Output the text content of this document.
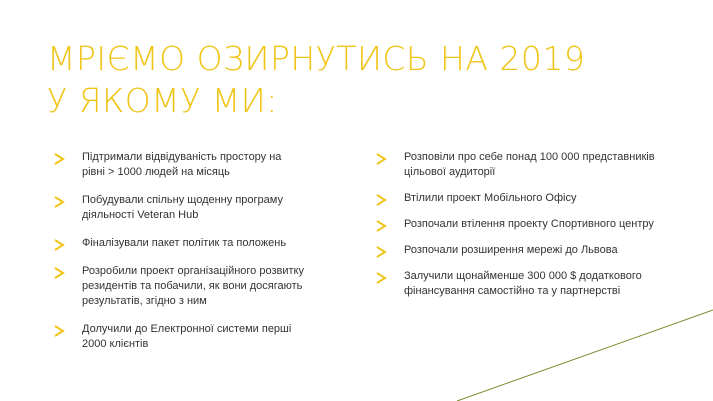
МРІЄМО ОЗИРНУТИСЬ НА 2019
У ЯКОМУ МИ:
Підтримали відвідуваність простору на рівні > 1000 людей на місяць
Побудували спільну щоденну програму діяльності Veteran Hub
Фіналізували пакет політик та положень
Розробили проект організаційного розвитку резидентів та побачили, як вони досягають результатів, згідно з ним
Долучили до Електронної системи перші 2000 клієнтів
Розповіли про себе понад 100 000 представників цільової аудиторії
Втілили проект Мобільного Офісу
Розпочали втілення проекту Спортивного центру
Розпочали розширення мережі до Львова
Залучили щонайменше 300 000 $ додаткового фінансування самостійно та у партнерстві
